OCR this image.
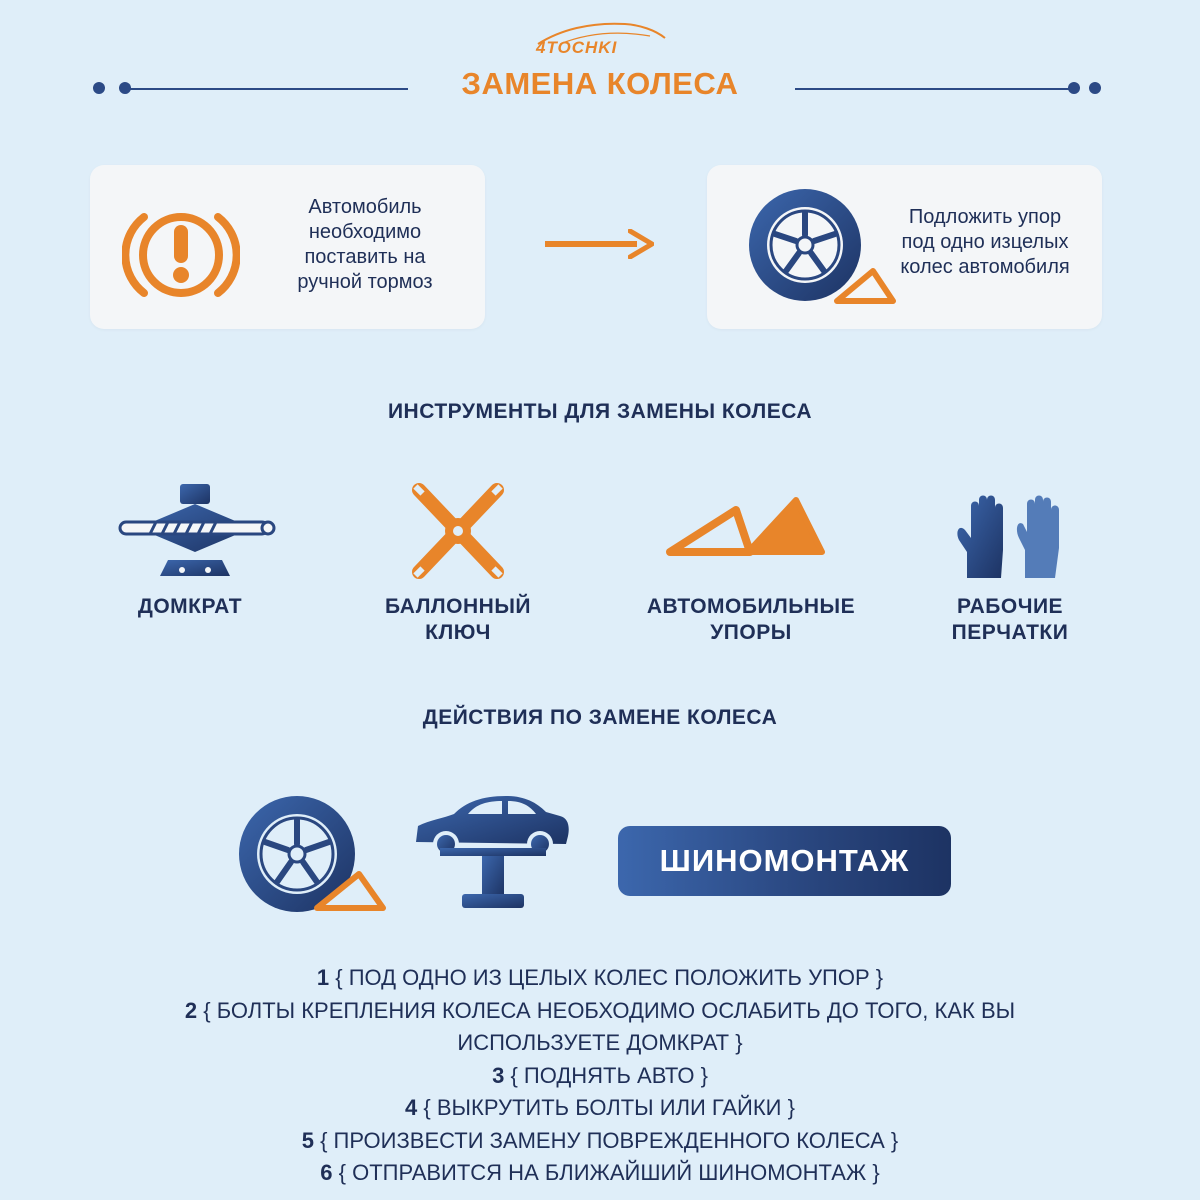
4TOCHKI
ЗАМЕНА КОЛЕСА
Автомобиль
необходимо
поставить на
ручной тормоз
Подложить упор
под одно изцелых
колес автомобиля
ИНСТРУМЕНТЫ ДЛЯ ЗАМЕНЫ КОЛЕСА
ДОМКРАТ	БАЛЛОННЫЙ
КЛЮЧ
АВТОМОБИЛЬНЫЕ
УПОРЫ
РАБОЧИЕ
ПЕРЧАТКИ
ДЕЙСТВИЯ ПО ЗАМЕНЕ КОЛЕСА
ШИНОМОНТАЖ
1 { ПОД ОДНО ИЗ ЦЕЛЫХ КОЛЕС ПОЛОЖИТЬ УПОР }
2 { БОЛТЫ КРЕПЛЕНИЯ КОЛЕСА НЕОБХОДИМО ОСЛАБИТЬ ДО ТОГО, КАК ВЫ
ИСПОЛЬЗУЕТЕ ДОМКРАТ }
3 { ПОДНЯТЬ АВТО }
4 { ВЫКРУТИТЬ БОЛТЫ ИЛИ ГАЙКИ }
5 { ПРОИЗВЕСТИ ЗАМЕНУ ПОВРЕЖДЕННОГО КОЛЕСА }
6 { ОТПРАВИТСЯ НА БЛИЖАЙШИЙ ШИНОМОНТАЖ }
